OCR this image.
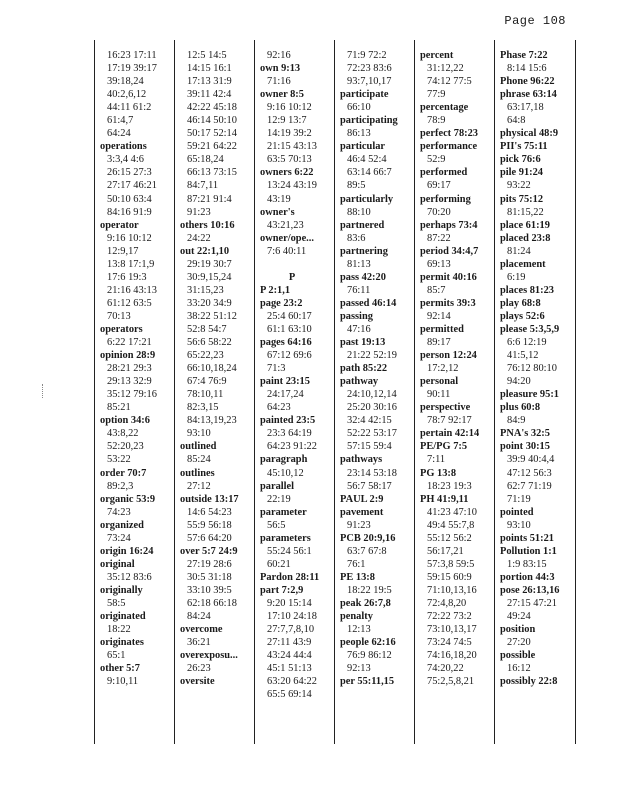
Page 108
16:23 17:11
17:19 39:17
39:18,24
40:2,6,12
44:11 61:2
61:4,7
64:24
operations
3:3,4 4:6
26:15 27:3
27:17 46:21
50:10 63:4
84:16 91:9
operator
9:16 10:12
12:9,17
13:8 17:1,9
17:6 19:3
21:16 43:13
61:12 63:5
70:13
operators
6:22 17:21
opinion 28:9
28:21 29:3
29:13 32:9
35:12 79:16
85:21
option 34:6
43:8,22
52:20,23
53:22
order 70:7
89:2,3
organic 53:9
74:23
organized
73:24
origin 16:24
original
35:12 83:6
originally
58:5
originated
18:22
originates
65:1
other 5:7
9:10,11
12:5 14:5
14:15 16:1
17:13 31:9
39:11 42:4
42:22 45:18
46:14 50:10
50:17 52:14
59:21 64:22
65:18,24
66:13 73:15
84:7,11
87:21 91:4
91:23
others 10:16
24:22
out 22:1,10
29:19 30:7
30:9,15,24
31:15,23
33:20 34:9
38:22 51:12
52:8 54:7
56:6 58:22
65:22,23
66:10,18,24
67:4 76:9
78:10,11
82:3,15
84:13,19,23
93:10
outlined
85:24
outlines
27:12
outside 13:17
14:6 54:23
55:9 56:18
57:6 64:20
over 5:7 24:9
27:19 28:6
30:5 31:18
33:10 39:5
62:18 66:18
84:24
overcome
36:21
overexposu...
26:23
oversite
92:16
own 9:13
71:16
owner 8:5
9:16 10:12
12:9 13:7
14:19 39:2
21:15 43:13
63:5 70:13
owners 6:22
13:24 43:19
43:19
owner's
43:21,23
owner/ope...
7:6 40:11
P
P 2:1,1
page 23:2
25:4 60:17
61:1 63:10
pages 64:16
67:12 69:6
71:3
paint 23:15
24:17,24
64:23
painted 23:5
23:3 64:19
64:23 91:22
paragraph
45:10,12
parallel
22:19
parameter
56:5
parameters
55:24 56:1
60:21
Pardon 28:11
part 7:2,9
9:20 15:14
17:10 24:18
27:7,7,8,10
27:11 43:9
43:24 44:4
45:1 51:13
63:20 64:22
65:5 69:14
71:9 72:2
72:23 83:6
93:7,10,17
participate
66:10
participating
86:13
particular
46:4 52:4
63:14 66:7
89:5
particularly
88:10
partnered
83:6
partnering
81:13
pass 42:20
76:11
passed 46:14
passing
47:16
past 19:13
21:22 52:19
path 85:22
pathway
24:10,12,14
25:20 30:16
32:4 42:15
52:22 53:17
57:15 59:4
pathways
23:14 53:18
56:7 58:17
PAUL 2:9
pavement
91:23
PCB 20:9,16
63:7 67:8
76:1
PE 13:8
18:22 19:5
peak 26:7,8
penalty
12:13
people 62:16
76:9 86:12
92:13
per 55:11,15
percent
31:12,22
74:12 77:5
77:9
percentage
78:9
perfect 78:23
performance
52:9
performed
69:17
performing
70:20
perhaps 73:4
87:22
period 34:4,7
69:13
permit 40:16
85:7
permits 39:3
92:14
permitted
89:17
person 12:24
17:2,12
personal
90:11
perspective
78:7 92:17
pertain 42:14
PE/PG 7:5
7:11
PG 13:8
18:23 19:3
PH 41:9,11
41:23 47:10
49:4 55:7,8
55:12 56:2
56:17,21
57:3,8 59:5
59:15 60:9
71:10,13,16
72:4,8,20
72:22 73:2
73:10,13,17
73:24 74:5
74:16,18,20
74:20,22
75:2,5,8,21
Phase 7:22
8:14 15:6
Phone 96:22
phrase 63:14
63:17,18
64:8
physical 48:9
PII's 75:11
pick 76:6
pile 91:24
93:22
pits 75:12
81:15,22
place 61:19
placed 23:8
81:24
placement
6:19
places 81:23
play 68:8
plays 52:6
please 5:3,5,9
6:6 12:19
41:5,12
76:12 80:10
94:20
pleasure 95:1
plus 60:8
84:9
PNA's 32:5
point 30:15
39:9 40:4,4
47:12 56:3
62:7 71:19
71:19
pointed
93:10
points 51:21
Pollution 1:1
1:9 83:15
portion 44:3
pose 26:13,16
27:15 47:21
49:24
position
27:20
possible
16:12
possibly 22:8
